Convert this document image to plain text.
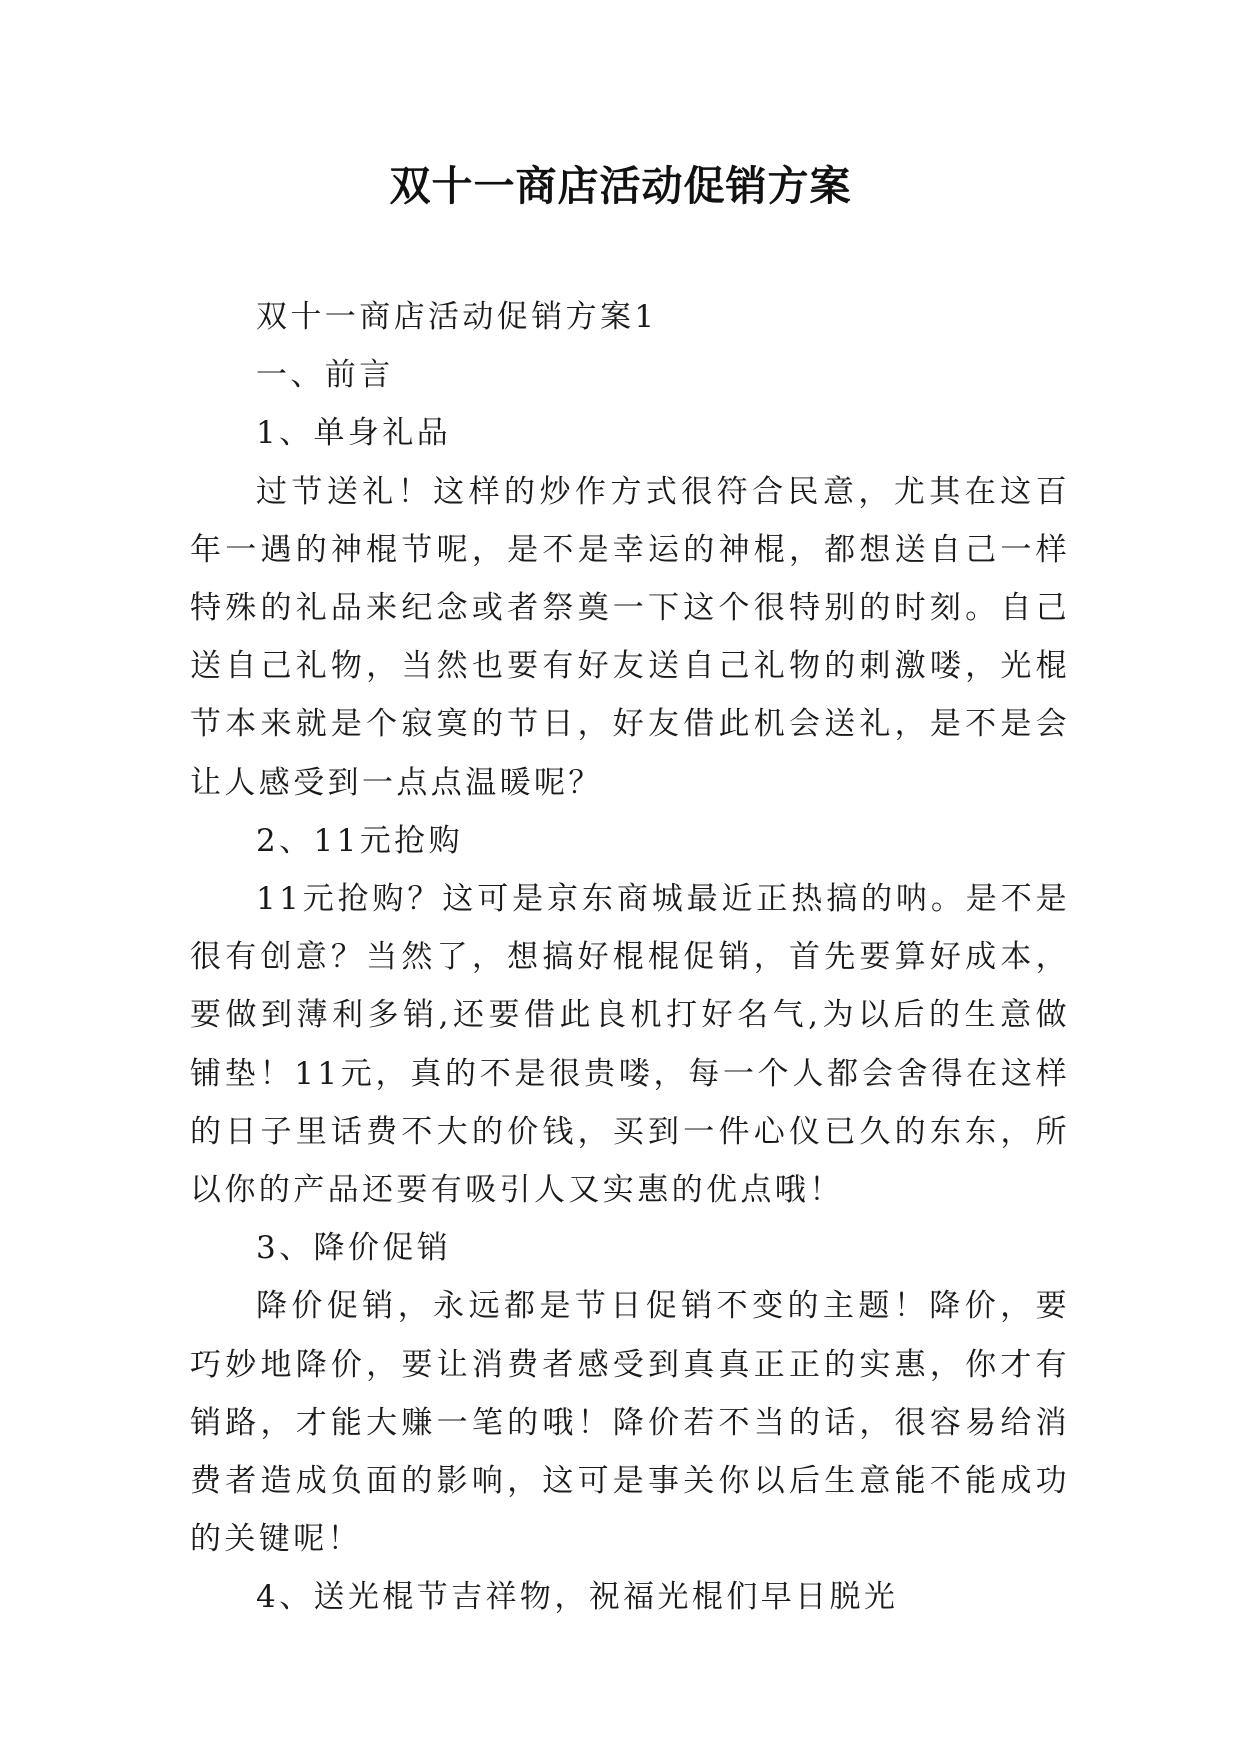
双十一商店活动促销方案

双十一商店活动促销方案1

一、前言

1、单身礼品

过节送礼！这样的炒作方式很符合民意，尤其在这百年一遇的神棍节呢，是不是幸运的神棍，都想送自己一样特殊的礼品来纪念或者祭奠一下这个很特别的时刻。自己送自己礼物，当然也要有好友送自己礼物的刺激喽，光棍节本来就是个寂寞的节日，好友借此机会送礼，是不是会让人感受到一点点温暖呢？

2、11元抢购

11元抢购？这可是京东商城最近正热搞的呐。是不是很有创意？当然了，想搞好棍棍促销，首先要算好成本，要做到薄利多销,还要借此良机打好名气,为以后的生意做铺垫！11元，真的不是很贵喽，每一个人都会舍得在这样的日子里话费不大的价钱，买到一件心仪已久的东东，所以你的产品还要有吸引人又实惠的优点哦！

3、降价促销

降价促销，永远都是节日促销不变的主题！降价，要巧妙地降价，要让消费者感受到真真正正的实惠，你才有销路，才能大赚一笔的哦！降价若不当的话，很容易给消费者造成负面的影响，这可是事关你以后生意能不能成功的关键呢！

4、送光棍节吉祥物，祝福光棍们早日脱光
